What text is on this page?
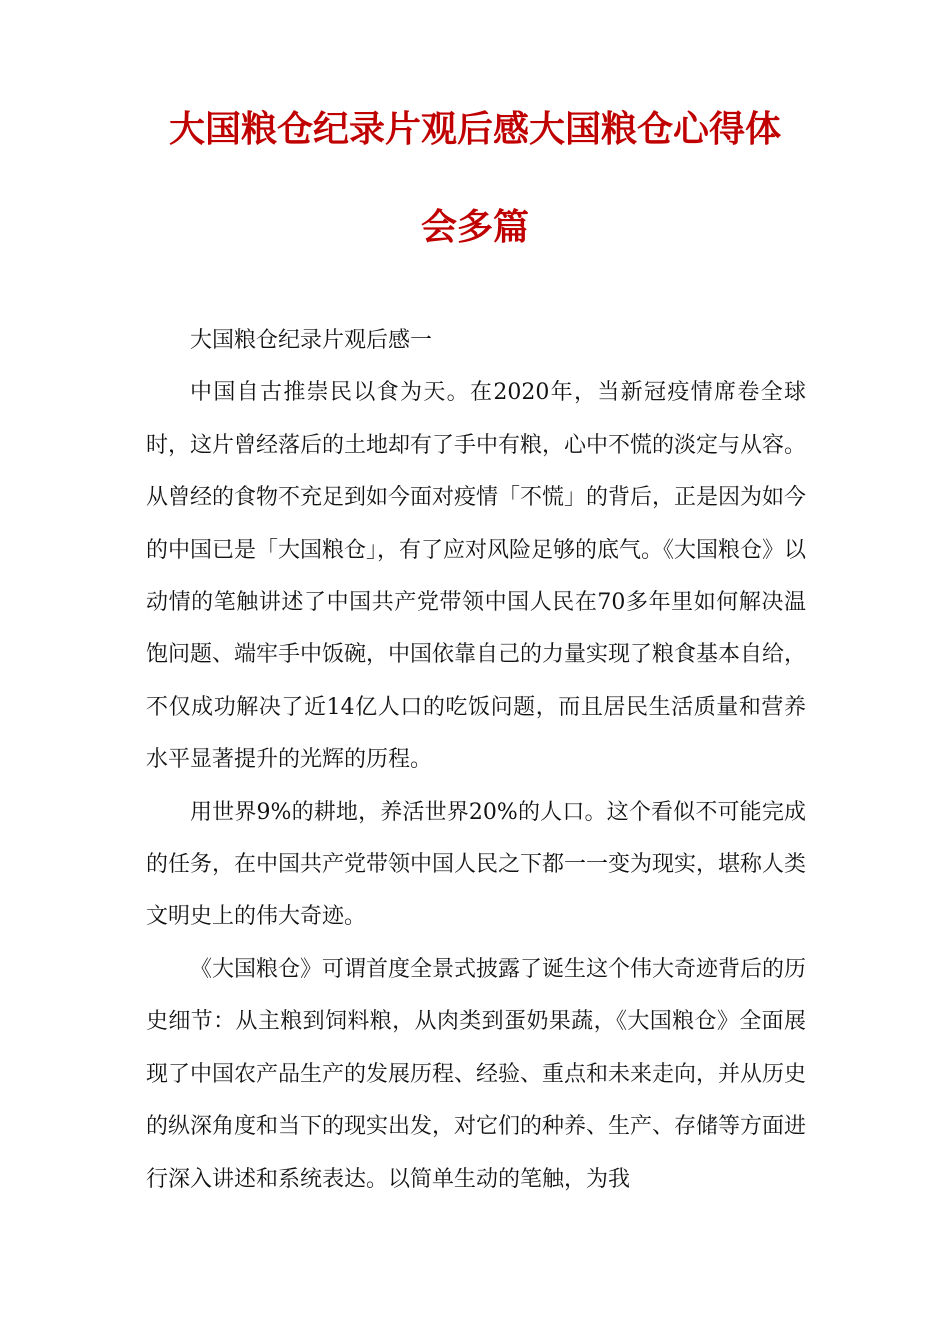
大国粮仓纪录片观后感大国粮仓心得体
会多篇

大国粮仓纪录片观后感一

中国自古推崇民以食为天。在2020年，当新冠疫情席卷全球时，这片曾经落后的土地却有了手中有粮，心中不慌的淡定与从容。从曾经的食物不充足到如今面对疫情「不慌」的背后，正是因为如今的中国已是「大国粮仓」，有了应对风险足够的底气。《大国粮仓》以动情的笔触讲述了中国共产党带领中国人民在70多年里如何解决温饱问题、端牢手中饭碗，中国依靠自己的力量实现了粮食基本自给，不仅成功解决了近14亿人口的吃饭问题，而且居民生活质量和营养水平显著提升的光辉的历程。

用世界9%的耕地，养活世界20%的人口。这个看似不可能完成的任务，在中国共产党带领中国人民之下都一一变为现实，堪称人类文明史上的伟大奇迹。

《大国粮仓》可谓首度全景式披露了诞生这个伟大奇迹背后的历史细节：从主粮到饲料粮，从肉类到蛋奶果蔬，《大国粮仓》全面展现了中国农产品生产的发展历程、经验、重点和未来走向，并从历史的纵深角度和当下的现实出发，对它们的种养、生产、存储等方面进行深入讲述和系统表达。以简单生动的笔触，为我
